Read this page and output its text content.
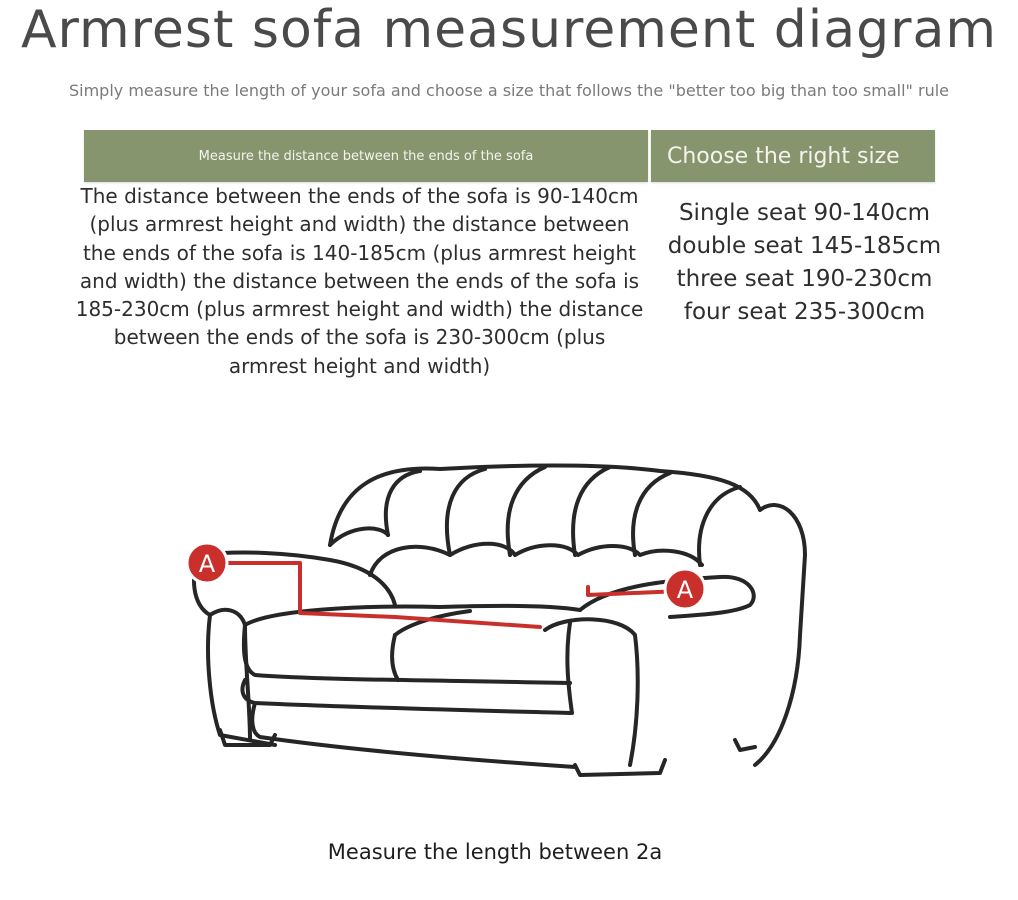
Armrest sofa measurement diagram
Simply measure the length of your sofa and choose a size that follows the "better too big than too small" rule
Measure the distance between the ends of the sofa	Choose the right size
The distance between the ends of the sofa is 90-140cm (plus armrest height and width) the distance between the ends of the sofa is 140-185cm (plus armrest height and width) the distance between the ends of the sofa is 185-230cm (plus armrest height and width) the distance between the ends of the sofa is 230-300cm (plus armrest height and width)
Single seat 90-140cm double seat 145-185cm three seat 190-230cm four seat 235-300cm
A
A
Measure the length between 2a
